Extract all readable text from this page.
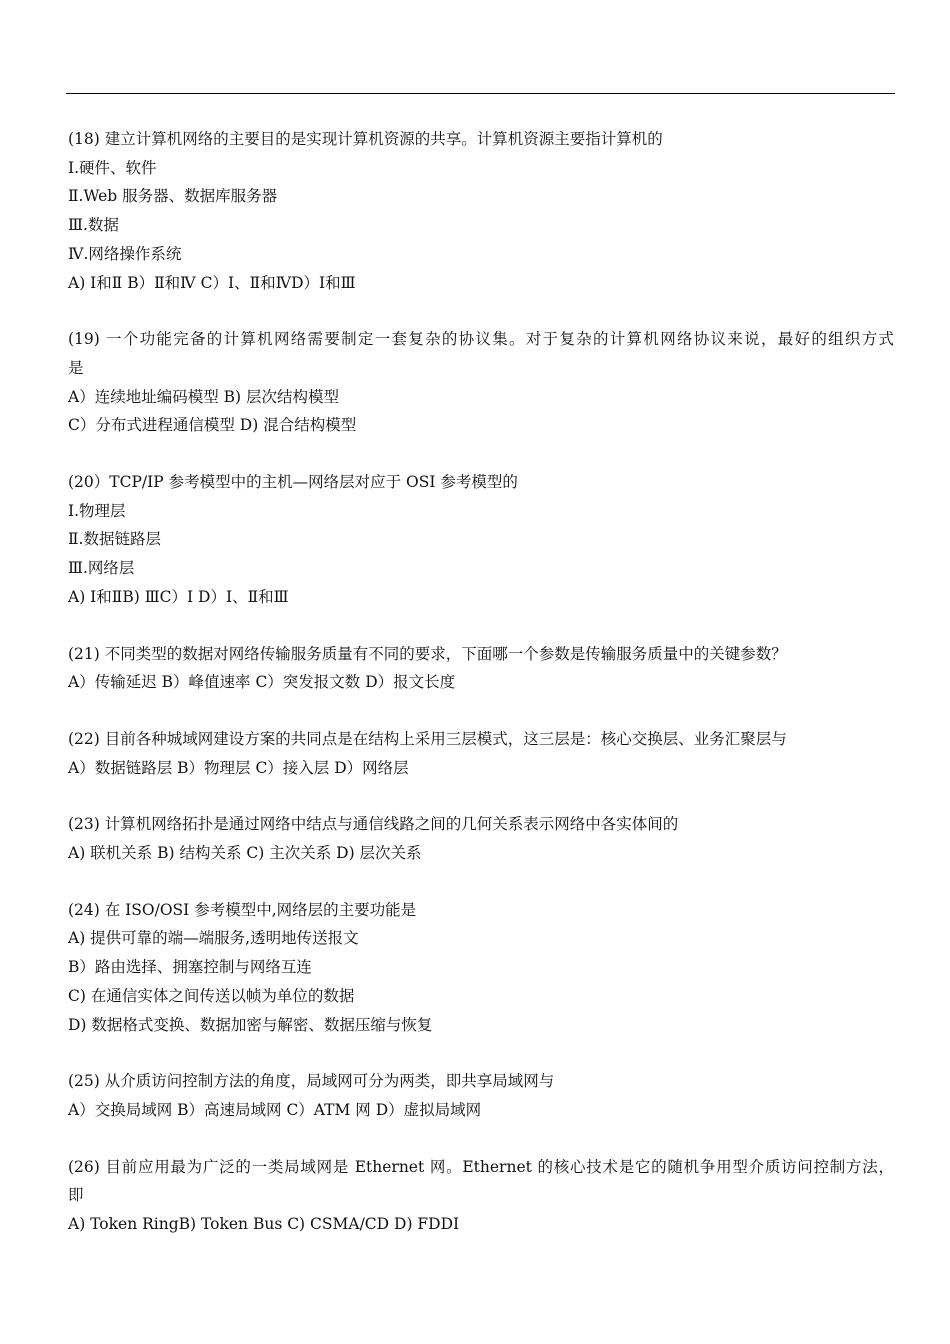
(18) 建立计算机网络的主要目的是实现计算机资源的共享。计算机资源主要指计算机的

Ⅰ.硬件、软件

Ⅱ.Web 服务器、数据库服务器

Ⅲ.数据

Ⅳ.网络操作系统

A) Ⅰ和Ⅱ B）Ⅱ和Ⅳ C）Ⅰ、Ⅱ和ⅣD）Ⅰ和Ⅲ

(19) 一个功能完备的计算机网络需要制定一套复杂的协议集。对于复杂的计算机网络协议来说，最好的组织方式

是

A）连续地址编码模型 B) 层次结构模型

C）分布式进程通信模型 D) 混合结构模型

(20）TCP/IP 参考模型中的主机—网络层对应于 OSI 参考模型的

Ⅰ.物理层

Ⅱ.数据链路层

Ⅲ.网络层

A) Ⅰ和ⅡB) ⅢC）Ⅰ D）Ⅰ、Ⅱ和Ⅲ

(21) 不同类型的数据对网络传输服务质量有不同的要求，下面哪一个参数是传输服务质量中的关键参数？

A）传输延迟 B）峰值速率 C）突发报文数 D）报文长度

(22) 目前各种城域网建设方案的共同点是在结构上采用三层模式，这三层是：核心交换层、业务汇聚层与

A）数据链路层 B）物理层 C）接入层 D）网络层

(23) 计算机网络拓扑是通过网络中结点与通信线路之间的几何关系表示网络中各实体间的

A) 联机关系 B) 结构关系 C) 主次关系 D) 层次关系

(24) 在 ISO/OSI 参考模型中,网络层的主要功能是

A) 提供可靠的端—端服务,透明地传送报文

B）路由选择、拥塞控制与网络互连

C) 在通信实体之间传送以帧为单位的数据

D) 数据格式变换、数据加密与解密、数据压缩与恢复

(25) 从介质访问控制方法的角度，局域网可分为两类，即共享局域网与

A）交换局域网 B）高速局域网 C）ATM 网 D）虚拟局域网

(26) 目前应用最为广泛的一类局域网是 Ethernet 网。Ethernet 的核心技术是它的随机争用型介质访问控制方法，

即

A) Token RingB) Token Bus C) CSMA/CD D) FDDI
